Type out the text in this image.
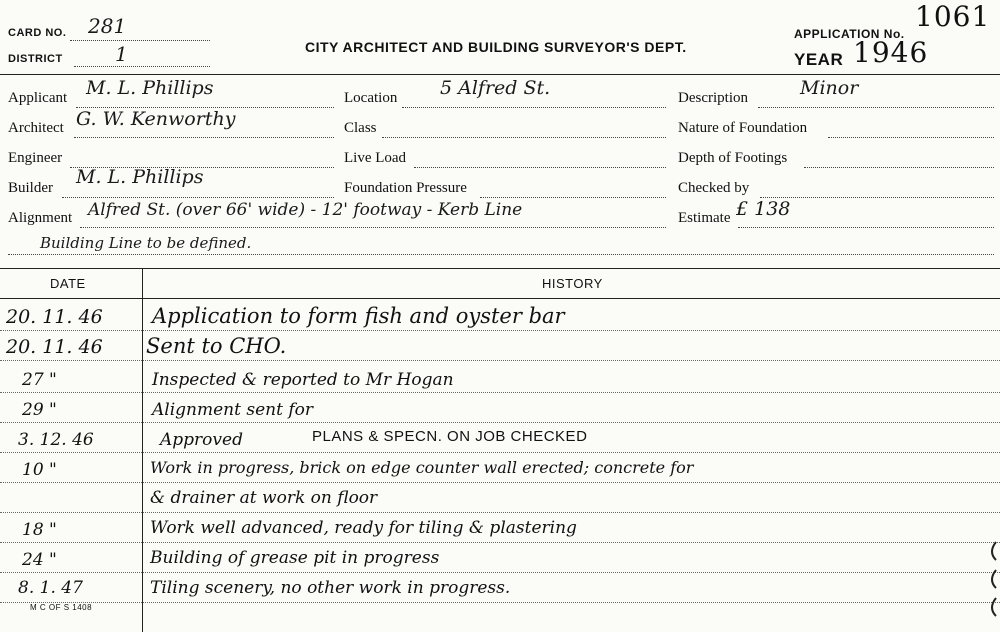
CARD NO. 281
DISTRICT	1	CITY ARCHITECT AND BUILDING SURVEYOR'S DEPT.
APPLICATION No.
1061
YEAR 1946
Applicant M. L. Phillips
Architect G. W. Kenworthy
Engineer
Builder M. L. Phillips
Location 5 Alfred St.
Class
Live Load
Foundation Pressure
Description	Minor
Nature of Foundation
Depth of Footings
Checked by
Alignment Alfred St. (over 66' wide) - 12' footway - Kerb Line
Building Line to be defined.
Estimate £ 138
DATE	HISTORY
20. 11. 46 Application to form fish and oyster bar
20. 11. 46 Sent to CHO.
27 "	Inspected & reported to Mr Hogan
29 "	Alignment sent for
3. 12. 46	Approved	PLANS & SPECN. ON JOB CHECKED
10 "	Work in progress, brick on edge counter wall erected; concrete for
& drainer at work on floor
18 "	Work well advanced, ready for tiling & plastering
24 "	Building of grease pit in progress
8. 1. 47	Tiling scenery, no other work in progress.
M C OF S 1408
